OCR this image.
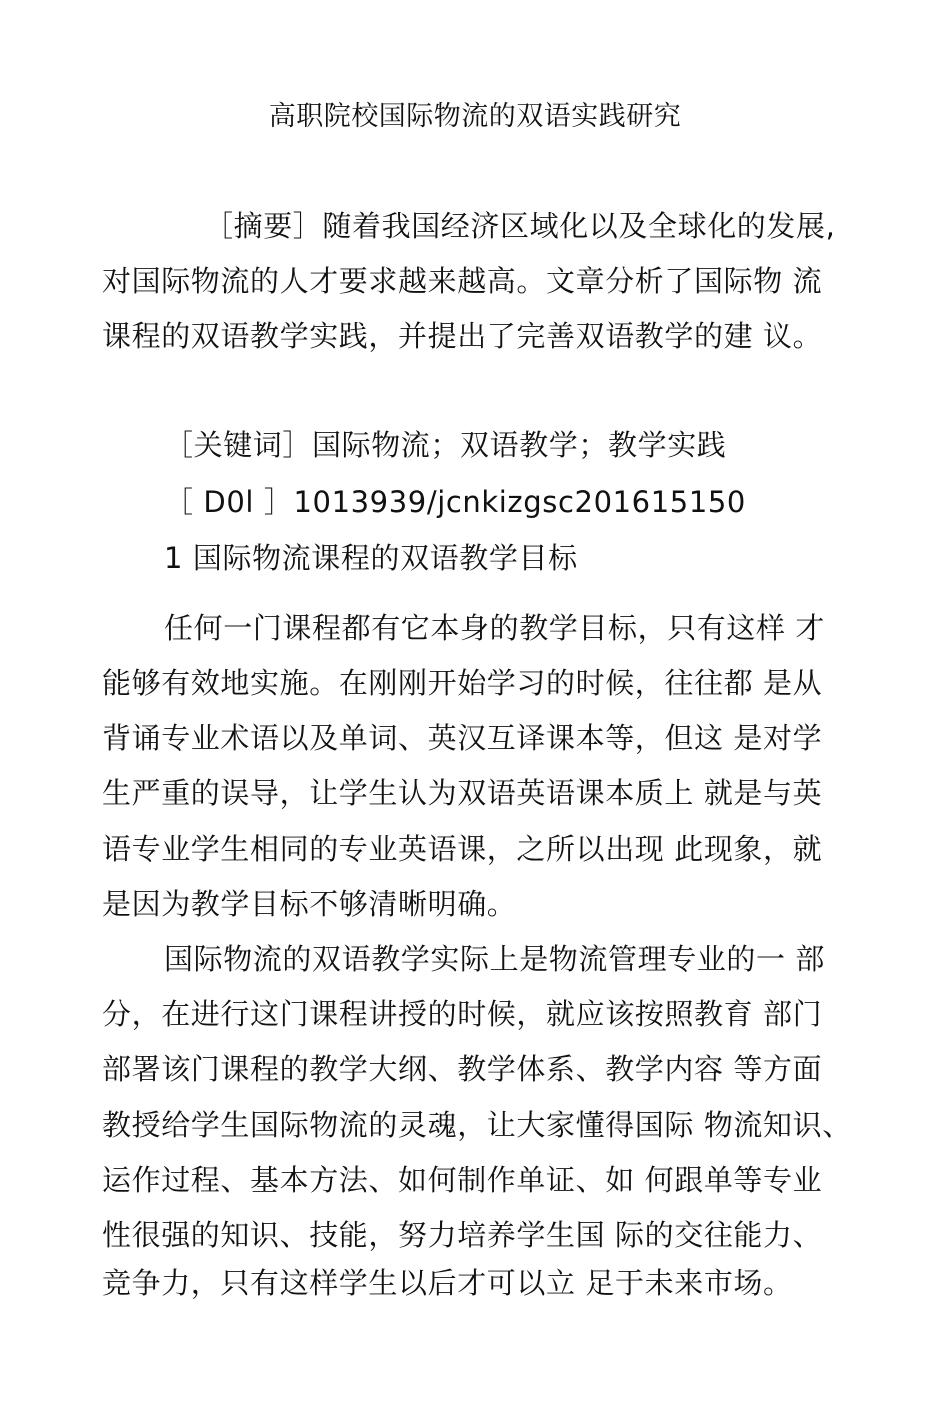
高职院校国际物流的双语实践研究
［摘要］随着我国经济区域化以及全球化的发展,
对国际物流的人才要求越来越高。文章分析了国际物 流
课程的双语教学实践，并提出了完善双语教学的建 议。
［关键词］国际物流；双语教学；教学实践
［ D0l ］1013939/jcnkizgsc201615150
1 国际物流课程的双语教学目标
任何一门课程都有它本身的教学目标，只有这样 才
能够有效地实施。在刚刚开始学习的时候，往往都 是从
背诵专业术语以及单词、英汉互译课本等，但这 是对学
生严重的误导，让学生认为双语英语课本质上 就是与英
语专业学生相同的专业英语课，之所以出现 此现象，就
是因为教学目标不够清晰明确。
国际物流的双语教学实际上是物流管理专业的一 部
分，在进行这门课程讲授的时候，就应该按照教育 部门
部署该门课程的教学大纲、教学体系、教学内容 等方面
教授给学生国际物流的灵魂，让大家懂得国际 物流知识、
运作过程、基本方法、如何制作单证、如 何跟单等专业
性很强的知识、技能，努力培养学生国 际的交往能力、
竞争力，只有这样学生以后才可以立 足于未来市场。
